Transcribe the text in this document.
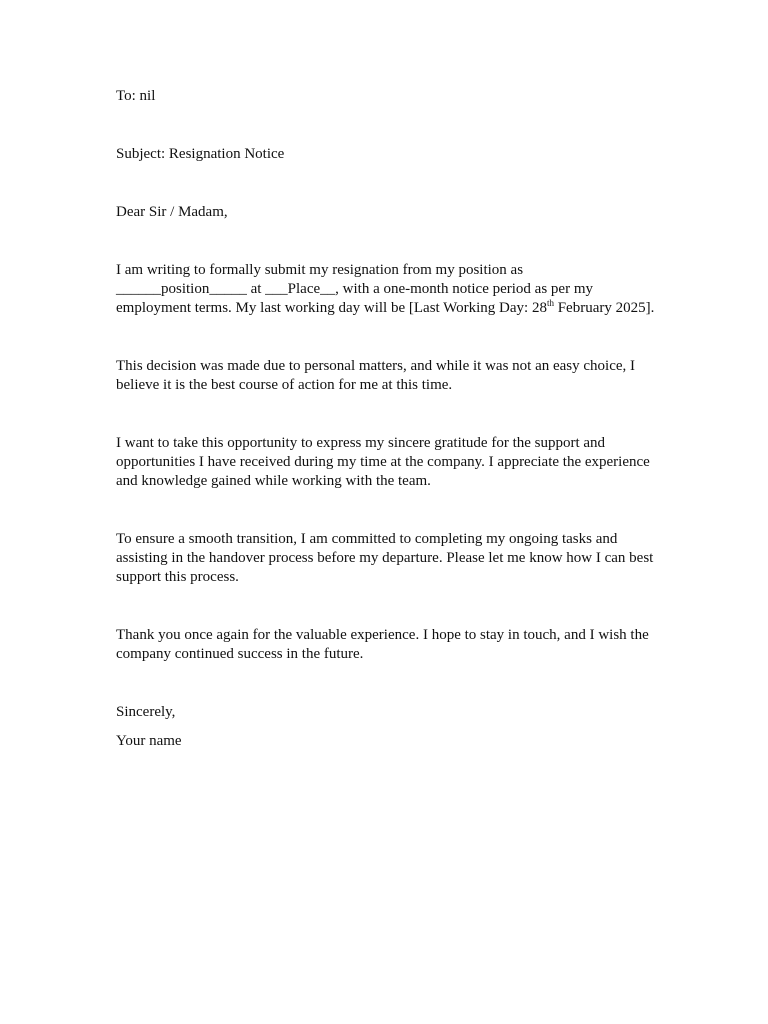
To: nil

Subject: Resignation Notice

Dear Sir / Madam,

I am writing to formally submit my resignation from my position as ______position_____ at ___Place__, with a one-month notice period as per my employment terms. My last working day will be [Last Working Day: 28th February 2025].

This decision was made due to personal matters, and while it was not an easy choice, I believe it is the best course of action for me at this time.

I want to take this opportunity to express my sincere gratitude for the support and opportunities I have received during my time at the company. I appreciate the experience and knowledge gained while working with the team.

To ensure a smooth transition, I am committed to completing my ongoing tasks and assisting in the handover process before my departure. Please let me know how I can best support this process.

Thank you once again for the valuable experience. I hope to stay in touch, and I wish the company continued success in the future.

Sincerely,

Your name
